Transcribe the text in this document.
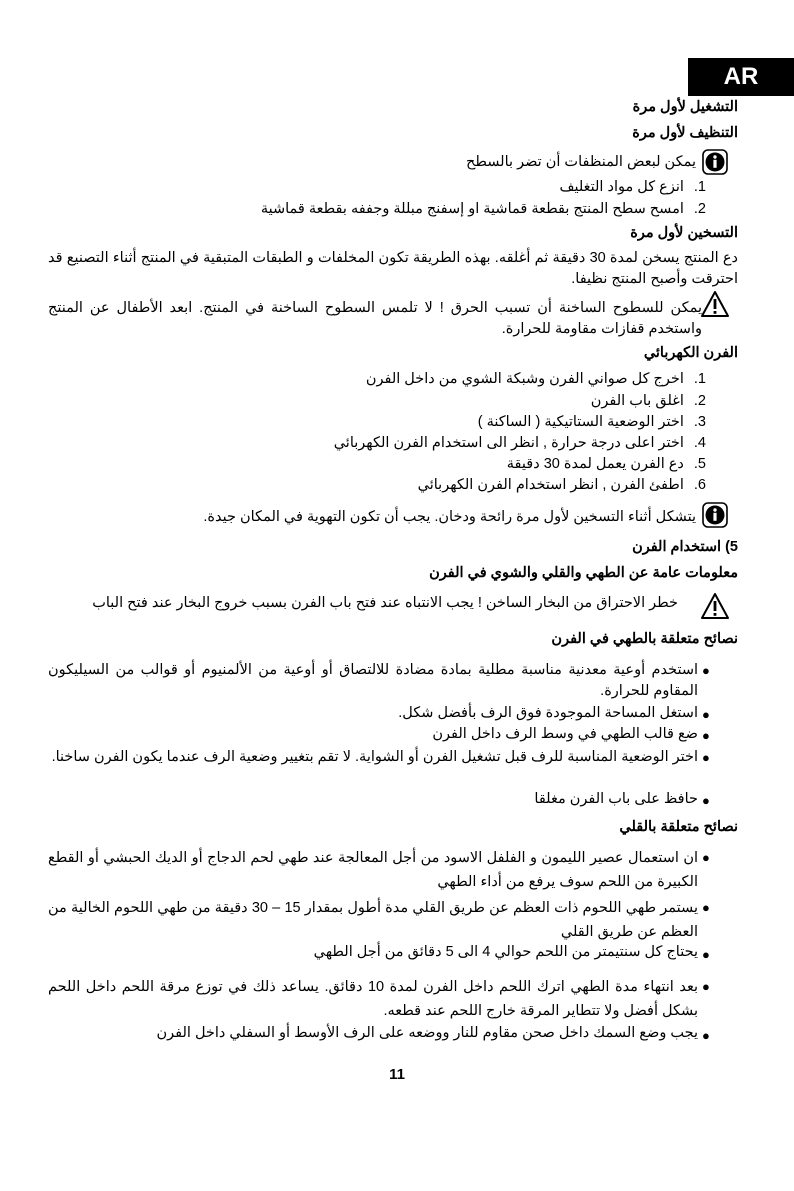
AR
التشغيل لأول مرة
التنظيف لأول مرة
يمكن لبعض المنظفات أن تضر بالسطح
1.انزع كل مواد التغليف
2.امسح سطح المنتج بقطعة قماشية او إسفنج مبللة وجففه بقطعة قماشية
التسخين لأول مرة
دع المنتج يسخن لمدة 30 دقيقة ثم أغلقه. بهذه الطريقة تكون المخلفات و الطبقات المتبقية في المنتج أثناء التصنيع قد احترقت وأصبح المنتج نظيفا.
يمكن للسطوح الساخنة أن تسبب الحرق ! لا تلمس السطوح الساخنة في المنتج. ابعد الأطفال عن المنتج واستخدم قفازات مقاومة للحرارة.
الفرن الكهربائي
1.اخرج كل صواني الفرن وشبكة الشوي من داخل الفرن
2.اغلق باب الفرن
3.اختر الوضعية الستاتيكية ( الساكنة )
4.اختر اعلى درجة حرارة , انظر الى استخدام الفرن الكهربائي
5.دع الفرن يعمل لمدة 30 دقيقة
6.اطفئ الفرن , انظر استخدام الفرن الكهربائي
يتشكل أثناء التسخين لأول مرة رائحة ودخان. يجب أن تكون التهوية في المكان جيدة.
5) استخدام الفرن
معلومات عامة عن الطهي والقلي والشوي في الفرن
خطر الاحتراق من البخار الساخن ! يجب الانتباه عند فتح باب الفرن بسبب خروج البخار عند فتح الباب
نصائح متعلقة بالطهي في الفرن
●
استخدم أوعية معدنية مناسبة مطلية بمادة مضادة للالتصاق أو أوعية من الألمنيوم أو قوالب من السيليكون المقاوم للحرارة.
●
استغل المساحة الموجودة فوق الرف بأفضل شكل.
●
ضع قالب الطهي في وسط الرف داخل الفرن
●
اختر الوضعية المناسبة للرف قبل تشغيل الفرن أو الشواية. لا تقم بتغيير وضعية الرف عندما يكون الفرن ساخنا.
●
حافظ على باب الفرن مغلقا
نصائح متعلقة بالقلي
●
ان استعمال عصير الليمون و الفلفل الاسود من أجل المعالجة عند طهي لحم الدجاج أو الديك الحبشي أو القطع الكبيرة من اللحم سوف يرفع من أداء الطهي
●
يستمر طهي اللحوم ذات العظم عن طريق القلي مدة أطول بمقدار 15 – 30 دقيقة من طهي اللحوم الخالية من العظم عن طريق القلي
●
يحتاج كل سنتيمتر من اللحم حوالي 4 الى 5 دقائق من أجل الطهي
●
بعد انتهاء مدة الطهي اترك اللحم داخل الفرن لمدة 10 دقائق. يساعد ذلك في توزع مرقة اللحم داخل اللحم بشكل أفضل ولا تتطاير المرقة خارج اللحم عند قطعه.
●
يجب وضع السمك داخل صحن مقاوم للنار ووضعه على الرف الأوسط أو السفلي داخل الفرن
11
